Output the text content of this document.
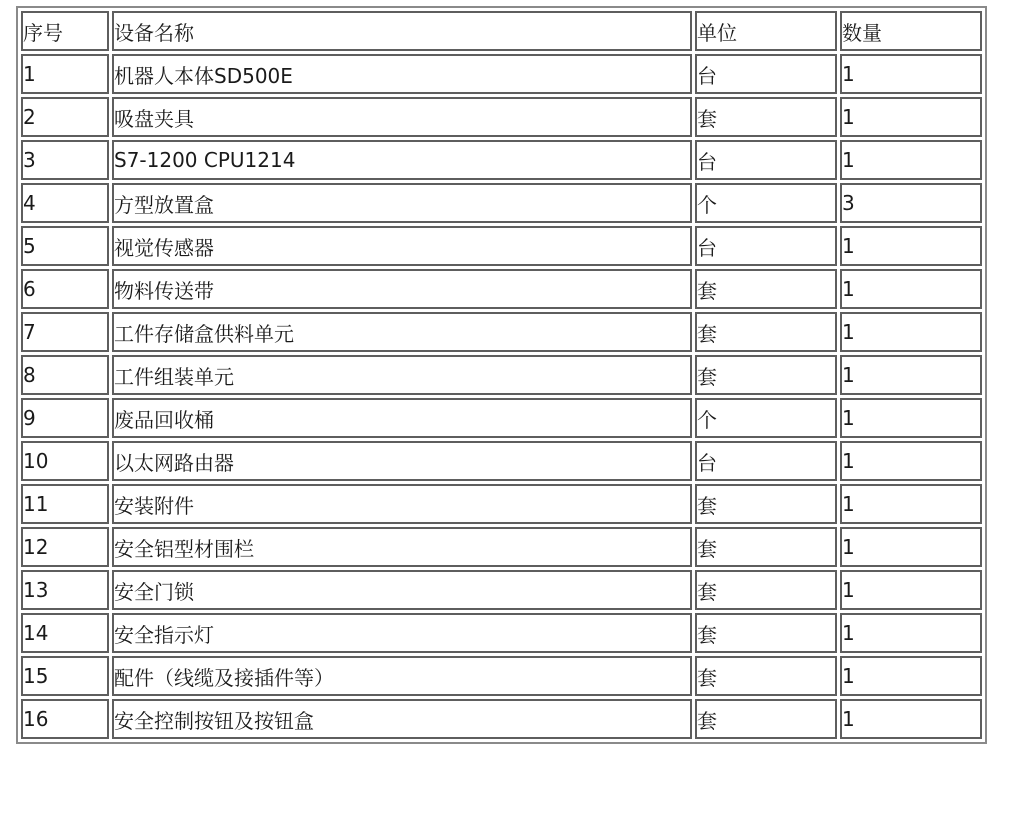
序号	设备名称	单位	数量
1	机器人本体SD500E	台	1
2	吸盘夹具	套	1
3	S7-1200 CPU1214	台	1
4	方型放置盒	个	3
5	视觉传感器	台	1
6	物料传送带	套	1
7	工件存储盒供料单元	套	1
8	工件组装单元	套	1
9	废品回收桶	个	1
10	以太网路由器	台	1
11	安装附件	套	1
12	安全铝型材围栏	套	1
13	安全门锁	套	1
14	安全指示灯	套	1
15	配件（线缆及接插件等）	套	1
16	安全控制按钮及按钮盒	套	1
